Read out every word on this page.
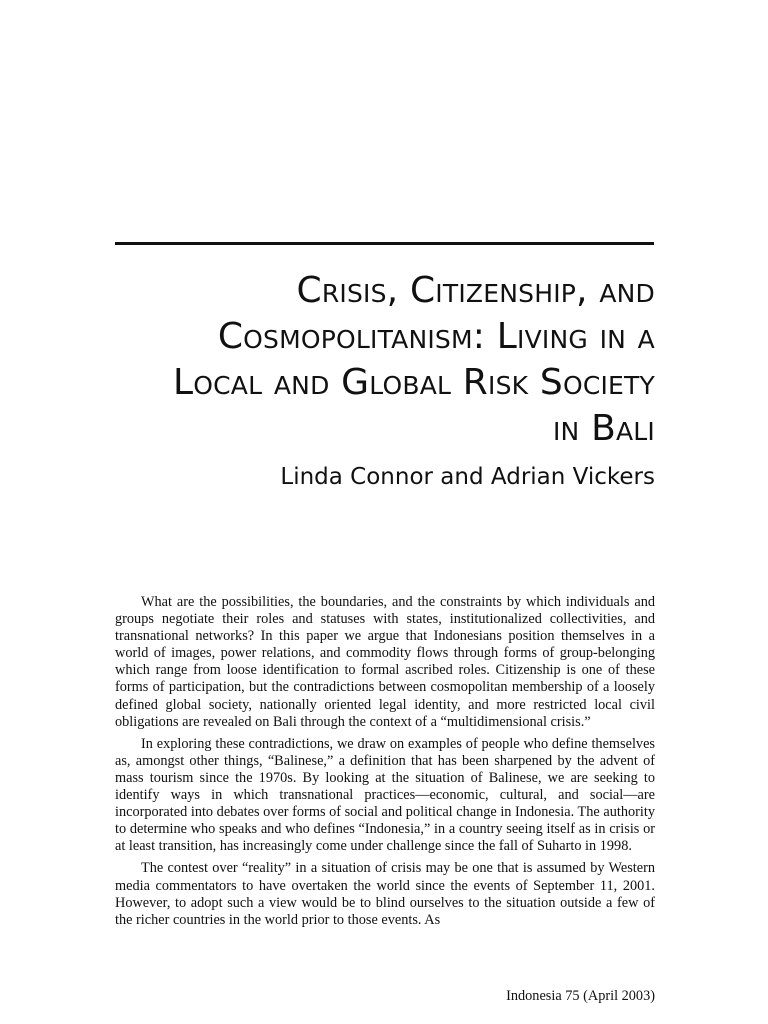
Crisis, Citizenship, and
Cosmopolitanism: Living in a
Local and Global Risk Society
in Bali
Linda Connor and Adrian Vickers

What are the possibilities, the boundaries, and the constraints by which individuals and groups negotiate their roles and statuses with states, institutionalized collectivities, and transnational networks? In this paper we argue that Indonesians position themselves in a world of images, power relations, and commodity flows through forms of group-belonging which range from loose identification to formal ascribed roles. Citizenship is one of these forms of participation, but the contradictions between cosmopolitan membership of a loosely defined global society, nationally oriented legal identity, and more restricted local civil obligations are revealed on Bali through the context of a “multidimensional crisis.”

In exploring these contradictions, we draw on examples of people who define themselves as, amongst other things, “Balinese,” a definition that has been sharpened by the advent of mass tourism since the 1970s. By looking at the situation of Balinese, we are seeking to identify ways in which transnational practices—economic, cultural, and social—are incorporated into debates over forms of social and political change in Indonesia. The authority to determine who speaks and who defines “Indonesia,” in a country seeing itself as in crisis or at least transition, has increasingly come under challenge since the fall of Suharto in 1998.

The contest over “reality” in a situation of crisis may be one that is assumed by Western media commentators to have overtaken the world since the events of September 11, 2001. However, to adopt such a view would be to blind ourselves to the situation outside a few of the richer countries in the world prior to those events. As

Indonesia 75 (April 2003)
